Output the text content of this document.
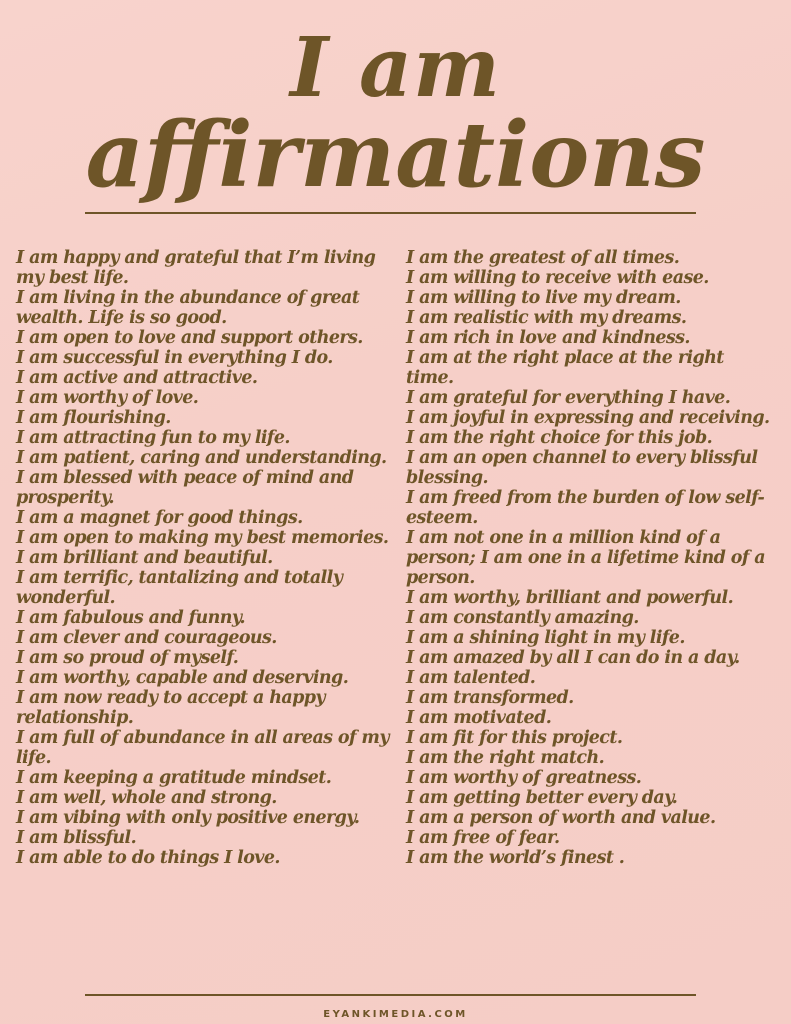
I am
affirmations
I am happy and grateful that I’m living my best life.
I am living in the abundance of great wealth. Life is so good.
I am open to love and support others.
I am successful in everything I do.
I am active and attractive.
I am worthy of love.
I am flourishing.
I am attracting fun to my life.
I am patient, caring and understanding.
I am blessed with peace of mind and prosperity.
I am a magnet for good things.
I am open to making my best memories.
I am brilliant and beautiful.
I am terrific, tantalizing and totally wonderful.
I am fabulous and funny.
I am clever and courageous.
I am so proud of myself.
I am worthy, capable and deserving.
I am now ready to accept a happy relationship.
I am full of abundance in all areas of my life.
I am keeping a gratitude mindset.
I am well, whole and strong.
I am vibing with only positive energy.
I am blissful.
I am able to do things I love.
I am the greatest of all times.
I am willing to receive with ease.
I am willing to live my dream.
I am realistic with my dreams.
I am rich in love and kindness.
I am at the right place at the right time.
I am grateful for everything I have.
I am joyful in expressing and receiving.
I am the right choice for this job.
I am an open channel to every blissful blessing.
I am freed from the burden of low self-esteem.
I am not one in a million kind of a person; I am one in a lifetime kind of a person.
I am worthy, brilliant and powerful.
I am constantly amazing.
I am a shining light in my life.
I am amazed by all I can do in a day.
I am talented.
I am transformed.
I am motivated.
I am fit for this project.
I am the right match.
I am worthy of greatness.
I am getting better every day.
I am a person of worth and value.
I am free of fear.
I am the world’s finest .
EYANKIMEDIA.COM
